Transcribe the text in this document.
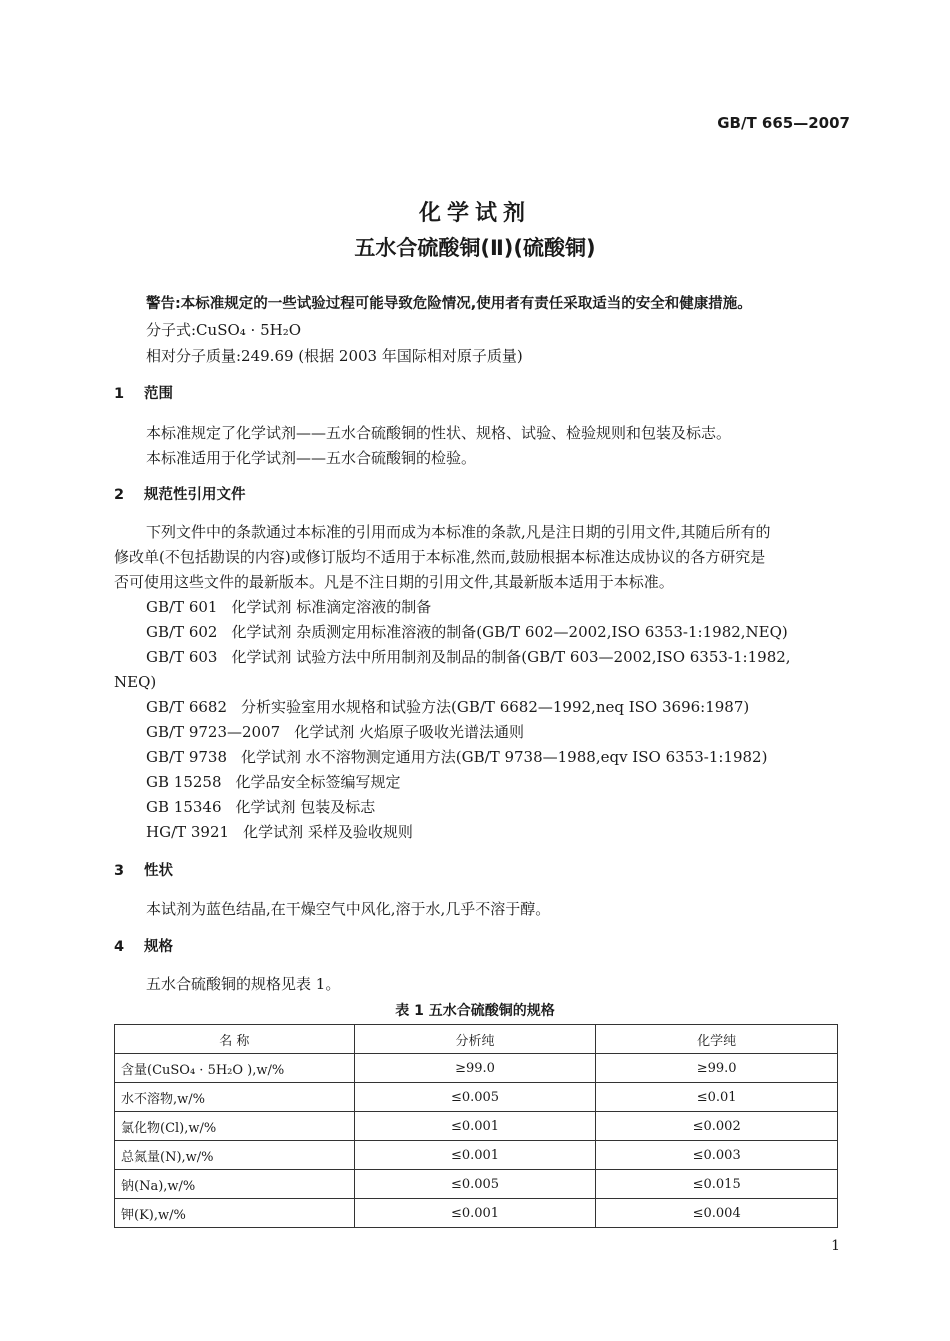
GB/T 665—2007
化学试剂
五水合硫酸铜(Ⅱ)(硫酸铜)
警告:本标准规定的一些试验过程可能导致危险情况,使用者有责任采取适当的安全和健康措施。
分子式:CuSO₄ · 5H₂O
相对分子质量:249.69 (根据 2003 年国际相对原子质量)
1 范围
本标准规定了化学试剂——五水合硫酸铜的性状、规格、试验、检验规则和包装及标志。
本标准适用于化学试剂——五水合硫酸铜的检验。
2 规范性引用文件
下列文件中的条款通过本标准的引用而成为本标准的条款,凡是注日期的引用文件,其随后所有的
修改单(不包括勘误的内容)或修订版均不适用于本标准,然而,鼓励根据本标准达成协议的各方研究是
否可使用这些文件的最新版本。凡是不注日期的引用文件,其最新版本适用于本标准。
GB/T 601 化学试剂 标准滴定溶液的制备
GB/T 602 化学试剂 杂质测定用标准溶液的制备(GB/T 602—2002,ISO 6353-1:1982,NEQ)
GB/T 603 化学试剂 试验方法中所用制剂及制品的制备(GB/T 603—2002,ISO 6353-1:1982,
NEQ)
GB/T 6682 分析实验室用水规格和试验方法(GB/T 6682—1992,neq ISO 3696:1987)
GB/T 9723—2007 化学试剂 火焰原子吸收光谱法通则
GB/T 9738 化学试剂 水不溶物测定通用方法(GB/T 9738—1988,eqv ISO 6353-1:1982)
GB 15258 化学品安全标签编写规定
GB 15346 化学试剂 包装及标志
HG/T 3921 化学试剂 采样及验收规则
3 性状
本试剂为蓝色结晶,在干燥空气中风化,溶于水,几乎不溶于醇。
4 规格
五水合硫酸铜的规格见表 1。
表 1 五水合硫酸铜的规格
名 称	分析纯	化学纯
含量(CuSO₄ · 5H₂O ),w/%	≥99.0	≥99.0
水不溶物,w/%	≤0.005	≤0.01
氯化物(Cl),w/%	≤0.001	≤0.002
总氮量(N),w/%	≤0.001	≤0.003
钠(Na),w/%	≤0.005	≤0.015
钾(K),w/%	≤0.001	≤0.004
1
